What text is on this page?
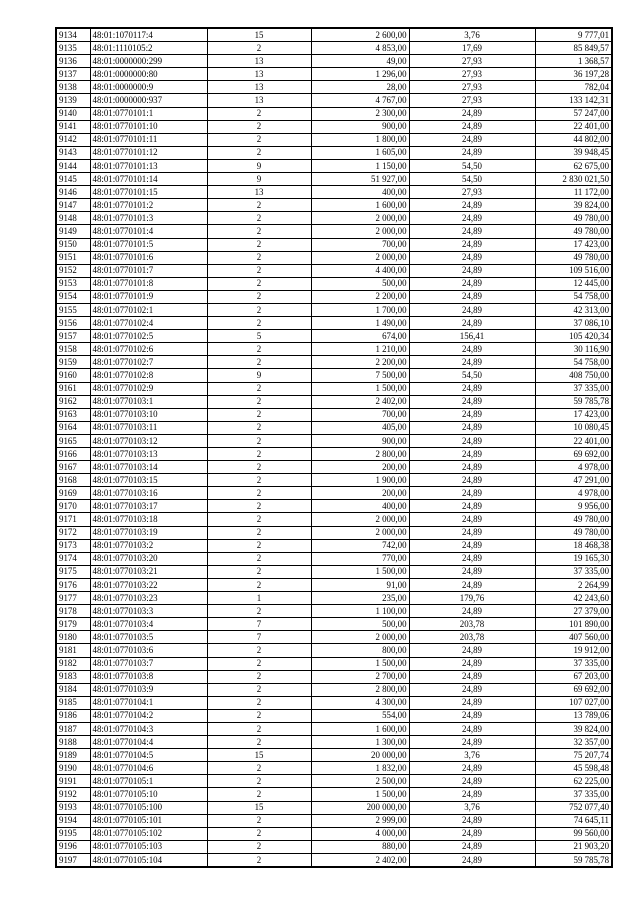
9134	48:01:1070117:4	15	2 600,00	3,76	9 777,01
9135	48:01:1110105:2	2	4 853,00	17,69	85 849,57
9136	48:01:0000000:299	13	49,00	27,93	1 368,57
9137	48:01:0000000:80	13	1 296,00	27,93	36 197,28
9138	48:01:0000000:9	13	28,00	27,93	782,04
9139	48:01:0000000:937	13	4 767,00	27,93	133 142,31
9140	48:01:0770101:1	2	2 300,00	24,89	57 247,00
9141	48:01:0770101:10	2	900,00	24,89	22 401,00
9142	48:01:0770101:11	2	1 800,00	24,89	44 802,00
9143	48:01:0770101:12	2	1 605,00	24,89	39 948,45
9144	48:01:0770101:13	9	1 150,00	54,50	62 675,00
9145	48:01:0770101:14	9	51 927,00	54,50	2 830 021,50
9146	48:01:0770101:15	13	400,00	27,93	11 172,00
9147	48:01:0770101:2	2	1 600,00	24,89	39 824,00
9148	48:01:0770101:3	2	2 000,00	24,89	49 780,00
9149	48:01:0770101:4	2	2 000,00	24,89	49 780,00
9150	48:01:0770101:5	2	700,00	24,89	17 423,00
9151	48:01:0770101:6	2	2 000,00	24,89	49 780,00
9152	48:01:0770101:7	2	4 400,00	24,89	109 516,00
9153	48:01:0770101:8	2	500,00	24,89	12 445,00
9154	48:01:0770101:9	2	2 200,00	24,89	54 758,00
9155	48:01:0770102:1	2	1 700,00	24,89	42 313,00
9156	48:01:0770102:4	2	1 490,00	24,89	37 086,10
9157	48:01:0770102:5	5	674,00	156,41	105 420,34
9158	48:01:0770102:6	2	1 210,00	24,89	30 116,90
9159	48:01:0770102:7	2	2 200,00	24,89	54 758,00
9160	48:01:0770102:8	9	7 500,00	54,50	408 750,00
9161	48:01:0770102:9	2	1 500,00	24,89	37 335,00
9162	48:01:0770103:1	2	2 402,00	24,89	59 785,78
9163	48:01:0770103:10	2	700,00	24,89	17 423,00
9164	48:01:0770103:11	2	405,00	24,89	10 080,45
9165	48:01:0770103:12	2	900,00	24,89	22 401,00
9166	48:01:0770103:13	2	2 800,00	24,89	69 692,00
9167	48:01:0770103:14	2	200,00	24,89	4 978,00
9168	48:01:0770103:15	2	1 900,00	24,89	47 291,00
9169	48:01:0770103:16	2	200,00	24,89	4 978,00
9170	48:01:0770103:17	2	400,00	24,89	9 956,00
9171	48:01:0770103:18	2	2 000,00	24,89	49 780,00
9172	48:01:0770103:19	2	2 000,00	24,89	49 780,00
9173	48:01:0770103:2	2	742,00	24,89	18 468,38
9174	48:01:0770103:20	2	770,00	24,89	19 165,30
9175	48:01:0770103:21	2	1 500,00	24,89	37 335,00
9176	48:01:0770103:22	2	91,00	24,89	2 264,99
9177	48:01:0770103:23	1	235,00	179,76	42 243,60
9178	48:01:0770103:3	2	1 100,00	24,89	27 379,00
9179	48:01:0770103:4	7	500,00	203,78	101 890,00
9180	48:01:0770103:5	7	2 000,00	203,78	407 560,00
9181	48:01:0770103:6	2	800,00	24,89	19 912,00
9182	48:01:0770103:7	2	1 500,00	24,89	37 335,00
9183	48:01:0770103:8	2	2 700,00	24,89	67 203,00
9184	48:01:0770103:9	2	2 800,00	24,89	69 692,00
9185	48:01:0770104:1	2	4 300,00	24,89	107 027,00
9186	48:01:0770104:2	2	554,00	24,89	13 789,06
9187	48:01:0770104:3	2	1 600,00	24,89	39 824,00
9188	48:01:0770104:4	2	1 300,00	24,89	32 357,00
9189	48:01:0770104:5	15	20 000,00	3,76	75 207,74
9190	48:01:0770104:6	2	1 832,00	24,89	45 598,48
9191	48:01:0770105:1	2	2 500,00	24,89	62 225,00
9192	48:01:0770105:10	2	1 500,00	24,89	37 335,00
9193	48:01:0770105:100	15	200 000,00	3,76	752 077,40
9194	48:01:0770105:101	2	2 999,00	24,89	74 645,11
9195	48:01:0770105:102	2	4 000,00	24,89	99 560,00
9196	48:01:0770105:103	2	880,00	24,89	21 903,20
9197	48:01:0770105:104	2	2 402,00	24,89	59 785,78
